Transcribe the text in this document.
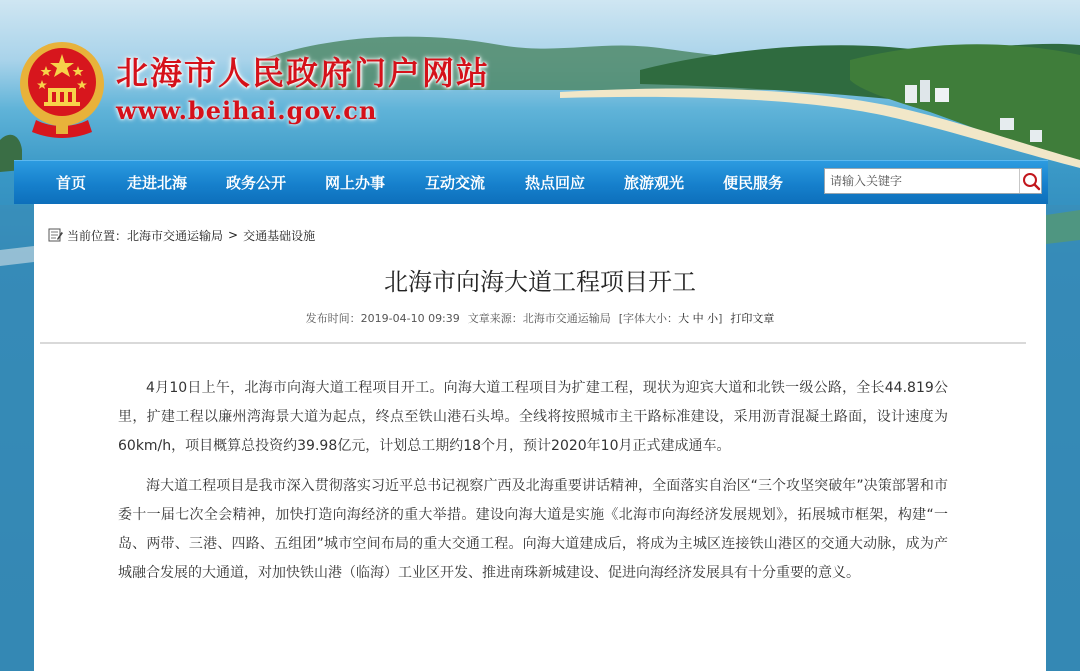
北海市人民政府门户网站
www.beihai.gov.cn
首页	走进北海	政务公开	网上办事	互动交流	热点回应	旅游观光	便民服务
请输入关键字
当前位置： 北海市交通运输局 > 交通基础设施
北海市向海大道工程项目开工
发布时间：2019-04-10 09:39 文章来源：北海市交通运输局 [字体大小：大 中 小] 打印文章

4月10日上午，北海市向海大道工程项目开工。向海大道工程项目为扩建工程，现状为迎宾大道和北铁一级公路，全长44.819公里，扩建工程以廉州湾海景大道为起点，终点至铁山港石头埠。全线将按照城市主干路标准建设，采用沥青混凝土路面，设计速度为60km/h，项目概算总投资约39.98亿元，计划总工期约18个月，预计2020年10月正式建成通车。

海大道工程项目是我市深入贯彻落实习近平总书记视察广西及北海重要讲话精神，全面落实自治区“三个攻坚突破年”决策部署和市委十一届七次全会精神，加快打造向海经济的重大举措。建设向海大道是实施《北海市向海经济发展规划》，拓展城市框架，构建“一岛、两带、三港、四路、五组团”城市空间布局的重大交通工程。向海大道建成后，将成为主城区连接铁山港区的交通大动脉，成为产城融合发展的大通道，对加快铁山港（临海）工业区开发、推进南珠新城建设、促进向海经济发展具有十分重要的意义。
